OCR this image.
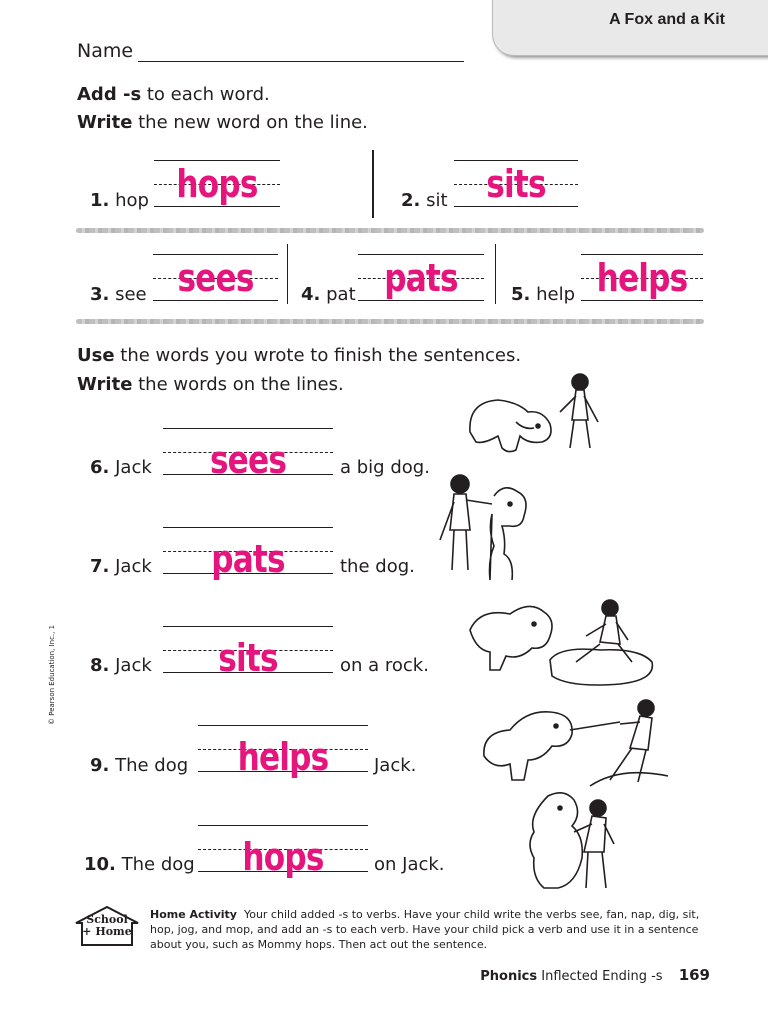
A Fox and a Kit
Name
Add -s to each word.
Write the new word on the line.
1. hop hops	2. sit	sits
3. see sees	4. pat pats	5. help helps
Use the words you wrote to finish the sentences.
Write the words on the lines.
6. Jack	sees	a big dog.
7. Jack	pats	the dog.
8. Jack	sits	on a rock.
9. The dog	helps	Jack.
10. The dog	hops	on Jack.
School
+ Home
Home Activity Your child added -s to verbs. Have your child write the verbs see, fan, nap, dig, sit, hop, jog, and mop, and add an -s to each verb. Have your child pick a verb and use it in a sentence about you, such as Mommy hops. Then act out the sentence.
© Pearson Education, Inc., 1
Phonics Inflected Ending -s 169
